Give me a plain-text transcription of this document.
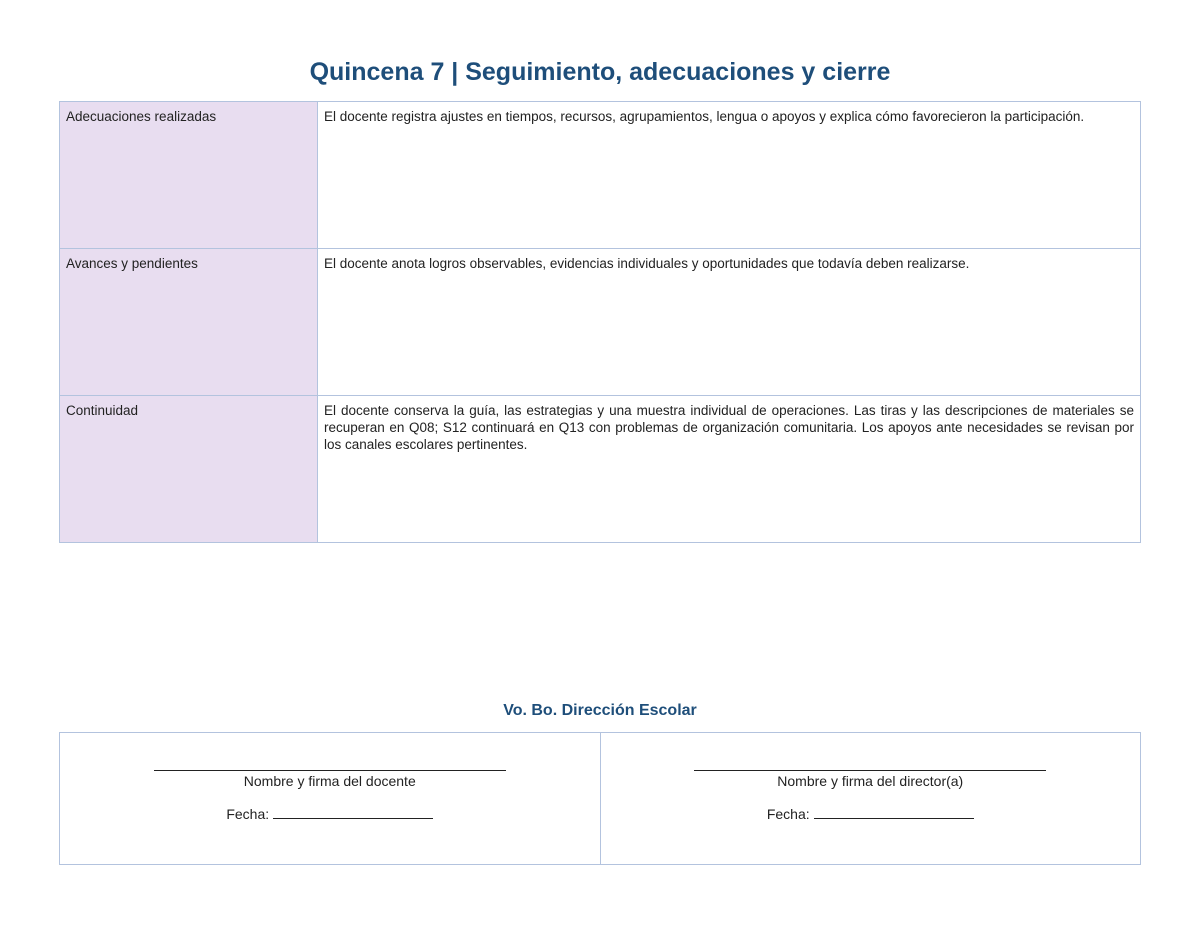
Quincena 7 | Seguimiento, adecuaciones y cierre
Adecuaciones realizadas	El docente registra ajustes en tiempos, recursos, agrupamientos, lengua o apoyos y explica cómo favorecieron la participación.
Avances y pendientes	El docente anota logros observables, evidencias individuales y oportunidades que todavía deben realizarse.
Continuidad	El docente conserva la guía, las estrategias y una muestra individual de operaciones. Las tiras y las descripciones de materiales se recuperan en Q08; S12 continuará en Q13 con problemas de organización comunitaria. Los apoyos ante necesidades se revisan por los canales escolares pertinentes.
Vo. Bo. Dirección Escolar
Nombre y firma del docente
Fecha:

Nombre y firma del director(a)
Fecha:
